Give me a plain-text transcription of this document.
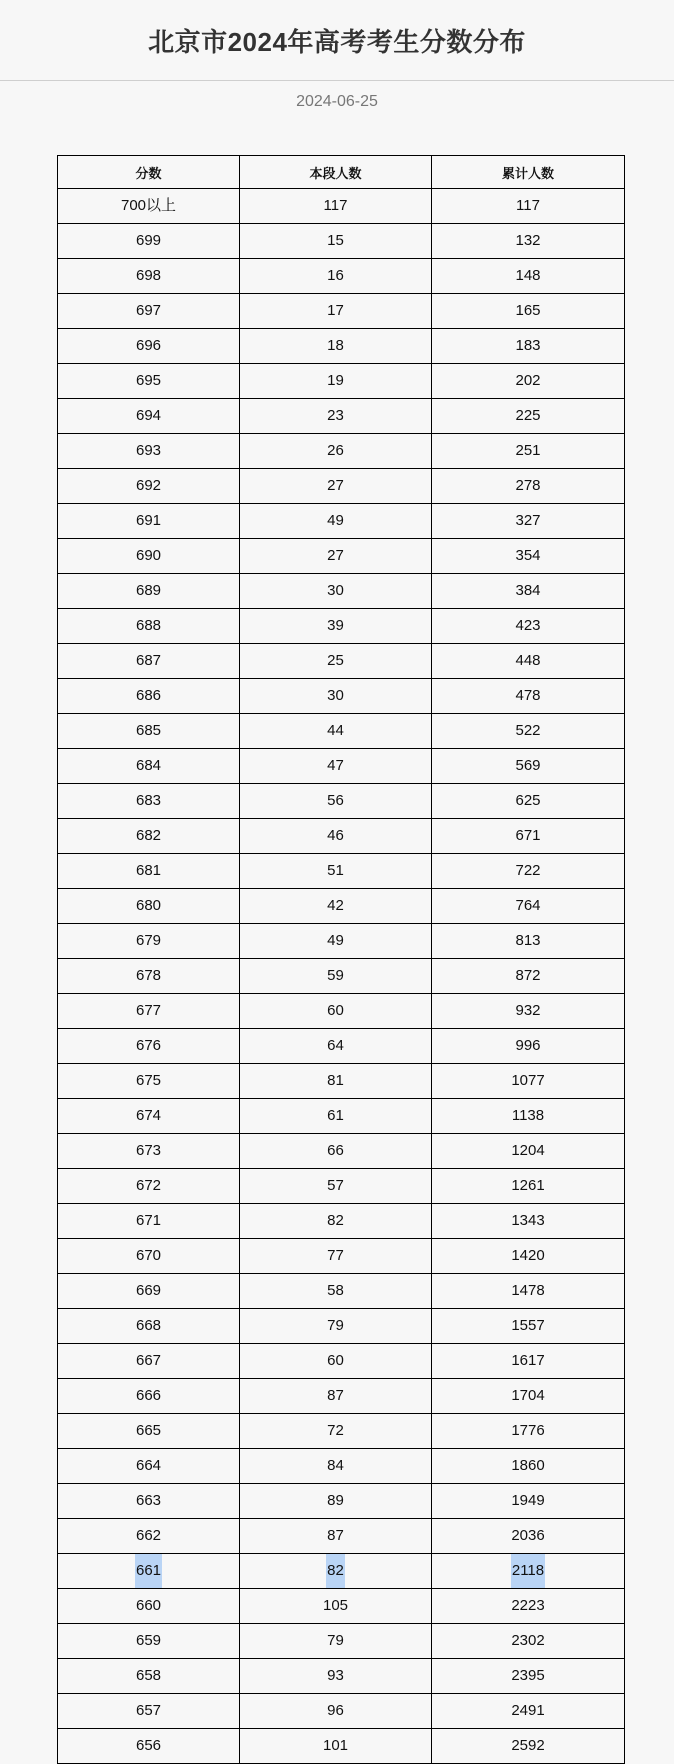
北京市2024年高考考生分数分布
2024-06-25
分数	本段人数	累计人数
700以上	117	117
699	15	132
698	16	148
697	17	165
696	18	183
695	19	202
694	23	225
693	26	251
692	27	278
691	49	327
690	27	354
689	30	384
688	39	423
687	25	448
686	30	478
685	44	522
684	47	569
683	56	625
682	46	671
681	51	722
680	42	764
679	49	813
678	59	872
677	60	932
676	64	996
675	81	1077
674	61	1138
673	66	1204
672	57	1261
671	82	1343
670	77	1420
669	58	1478
668	79	1557
667	60	1617
666	87	1704
665	72	1776
664	84	1860
663	89	1949
662	87	2036
661	82	2118
660	105	2223
659	79	2302
658	93	2395
657	96	2491
656	101	2592
